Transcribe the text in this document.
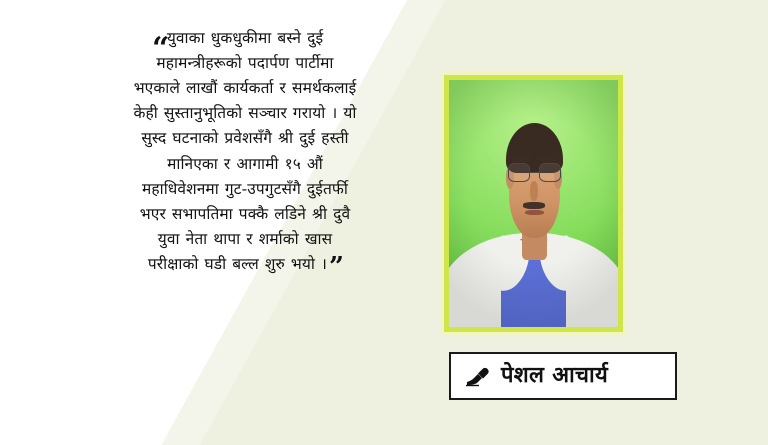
“
युवाका धुकधुकीमा बस्ने दुई महामन्त्रीहरूको पदार्पण पार्टीमा भएकाले लाखौं कार्यकर्ता र समर्थकलाई केही सुस्तानुभूतिको सञ्चार गरायो । यो सुस्द घटनाको प्रवेशसँगै श्री दुई हस्ती मानिएका र आगामी १५ औं महाधिवेशनमा गुट-उपगुटसँगै दुईतर्फी भएर सभापतिमा पक्कै लडिने श्री दुवै युवा नेता थापा र शर्माको खास परीक्षाको घडी बल्ल शुरु भयो ।”
पेशल आचार्य
